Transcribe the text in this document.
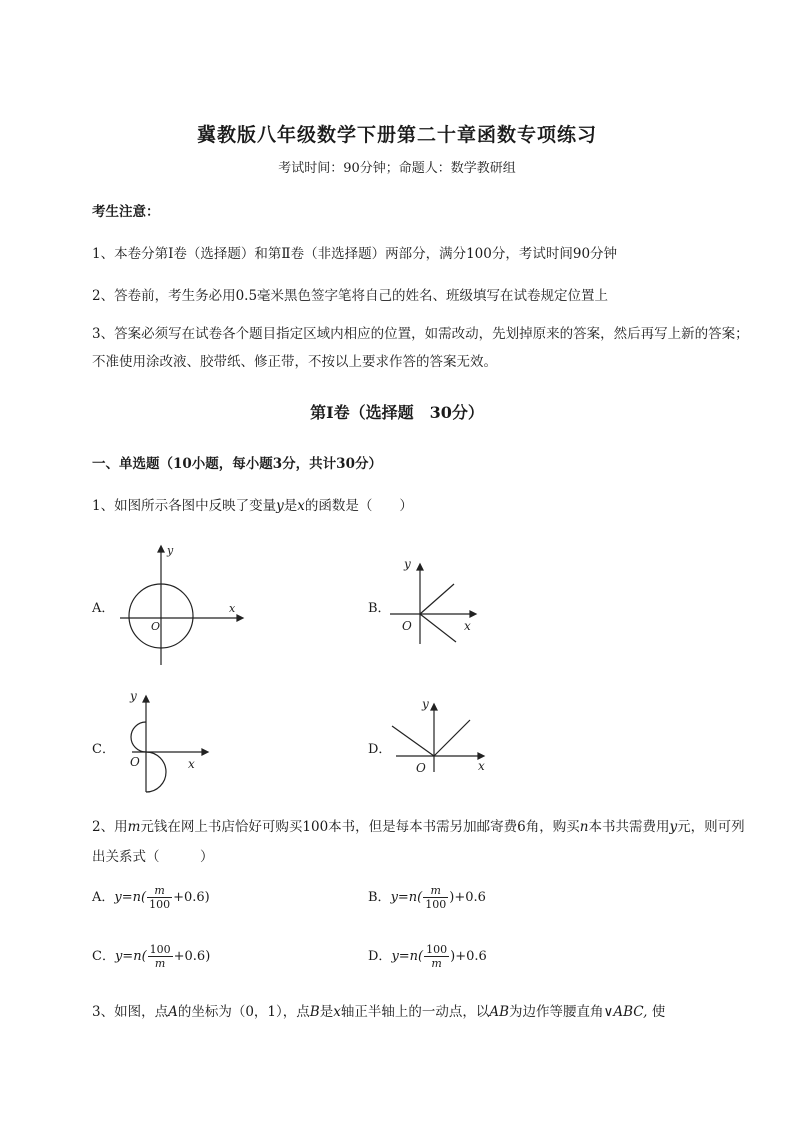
冀教版八年级数学下册第二十章函数专项练习
考试时间：90分钟；命题人：数学教研组
考生注意：
1、本卷分第Ⅰ卷（选择题）和第Ⅱ卷（非选择题）两部分，满分100分，考试时间90分钟
2、答卷前，考生务必用0.5毫米黑色签字笔将自己的姓名、班级填写在试卷规定位置上
3、答案必须写在试卷各个题目指定区域内相应的位置，如需改动，先划掉原来的答案，然后再写上新的答案；不准使用涂改液、胶带纸、修正带，不按以上要求作答的答案无效。
第Ⅰ卷（选择题　30分）
一、单选题（10小题，每小题3分，共计30分）
1、如图所示各图中反映了变量y是x的函数是（　　）
A．
y
x
O
B．
y
x
O
C．
y
x
O
D．
y
x
O
2、用m元钱在网上书店恰好可购买100本书，但是每本书需另加邮寄费6角，购买n本书共需费用y元，则可列出关系式（　　　）
A．$y=n( \frac{m}{100} +0.6)$	B．$y=n( \frac{m}{100} )+0.6$
C．$y=n( \frac{100}{m} +0.6)$	D．$y=n( \frac{100}{m} )+0.6$
3、如图，点A的坐标为（0，1），点B是x轴正半轴上的一动点，以AB为边作等腰直角∨ABC, 使
